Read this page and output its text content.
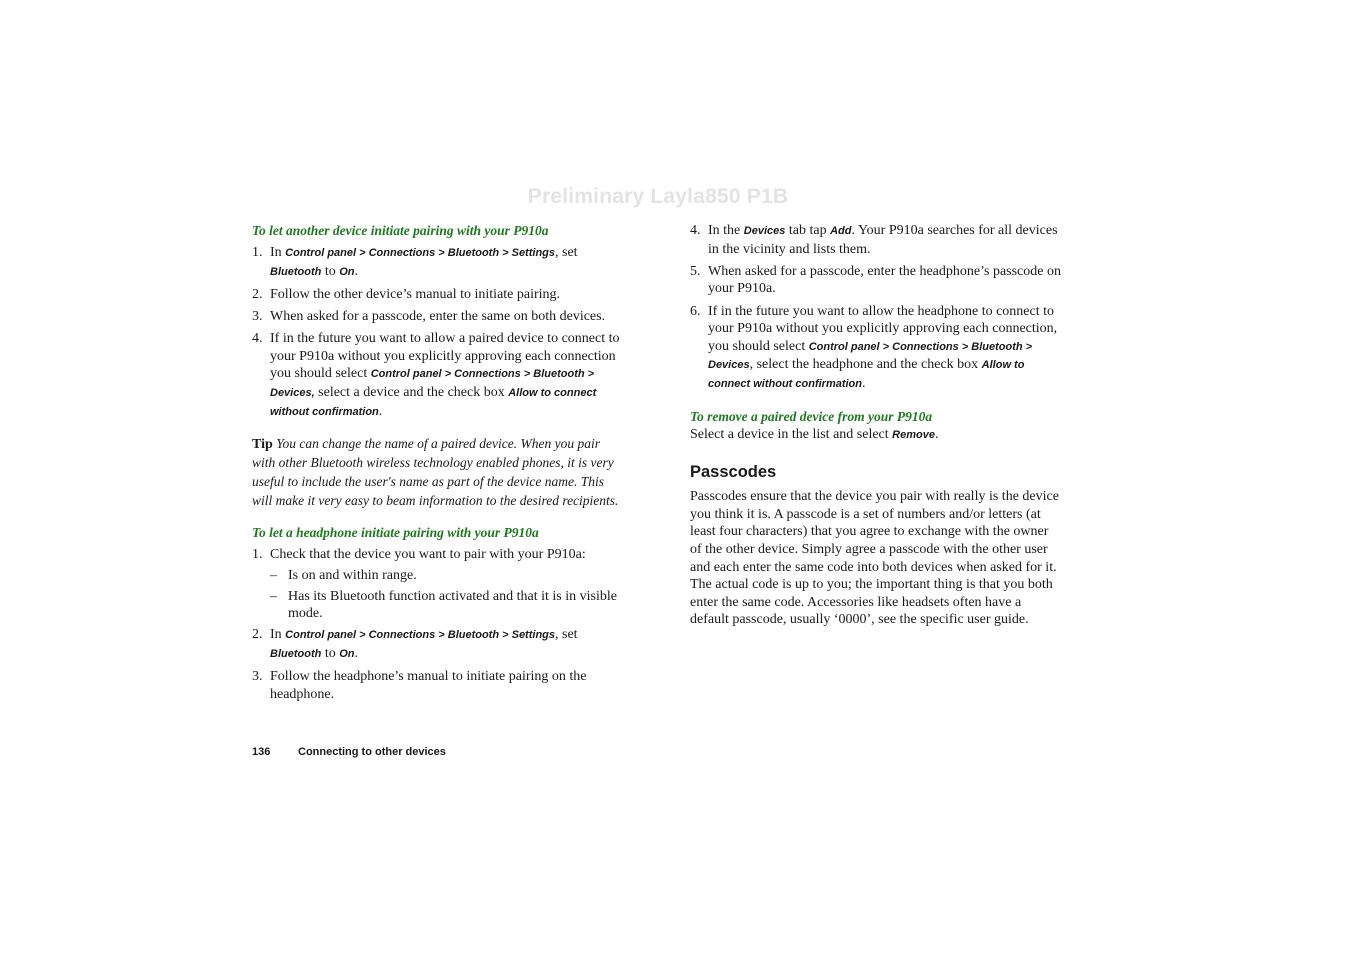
Preliminary Layla850 P1B
To let another device initiate pairing with your P910a
1. In Control panel > Connections > Bluetooth > Settings, set
Bluetooth to On.
2. Follow the other device’s manual to initiate pairing.
3. When asked for a passcode, enter the same on both devices.
4. If in the future you want to allow a paired device to connect to your P910a without you explicitly approving each connection you should select Control panel > Connections > Bluetooth > Devices, select a device and the check box Allow to connect without confirmation.
Tip You can change the name of a paired device. When you pair with other Bluetooth wireless technology enabled phones, it is very useful to include the user's name as part of the device name. This will make it very easy to beam information to the desired recipients.
To let a headphone initiate pairing with your P910a
1. Check that the device you want to pair with your P910a:
– Is on and within range.
– Has its Bluetooth function activated and that it is in visible mode.
2. In Control panel > Connections > Bluetooth > Settings, set
Bluetooth to On.
3. Follow the headphone’s manual to initiate pairing on the headphone.
4. In the Devices tab tap Add. Your P910a searches for all devices in the vicinity and lists them.
5. When asked for a passcode, enter the headphone’s passcode on your P910a.
6. If in the future you want to allow the headphone to connect to your P910a without you explicitly approving each connection, you should select Control panel > Connections > Bluetooth > Devices, select the headphone and the check box Allow to connect without confirmation.
To remove a paired device from your P910a
Select a device in the list and select Remove.
Passcodes
Passcodes ensure that the device you pair with really is the device you think it is. A passcode is a set of numbers and/or letters (at least four characters) that you agree to exchange with the owner of the other device. Simply agree a passcode with the other user and each enter the same code into both devices when asked for it. The actual code is up to you; the important thing is that you both enter the same code. Accessories like headsets often have a default passcode, usually ‘0000’, see the specific user guide.
136	Connecting to other devices
